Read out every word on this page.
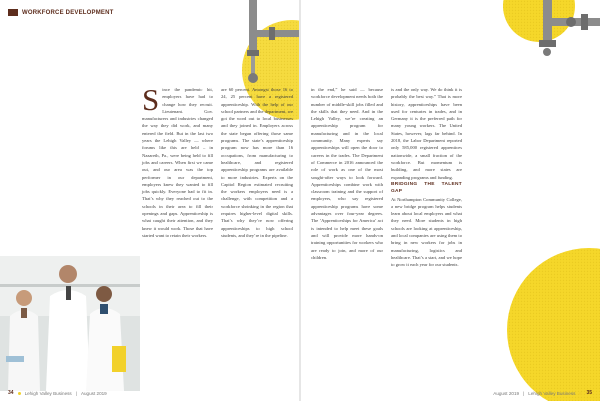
WORKFORCE DEVELOPMENT
S ince the pandemic hit, employers have had to change how they recruit. Lieutenant. Gov. manufacturers and industries changed the way they did work, and many entered the field. But in the last two years the Lehigh Valley — where forums like this are held – in Nazareth, Pa., were being held to fill jobs and careers. When first we came out, and our area was the top performer in our department, employers knew they wanted to fill jobs quickly. Everyone had to fit in. That’s why they reached out to the schools in their area to fill their openings and gaps. Apprenticeship is what caught their attention, and they knew it would work. Those that have started want to retain their workers.

are 60 percent. Amongst those 16 to 24, 25 percent have a registered apprenticeship. With the help of our school partners and the department, we got the word out to local businesses and they joined in. Employers across the state began offering those same programs. The state’s apprenticeship program now has more than 16 occupations, from manufacturing to healthcare, and registered apprenticeship programs are available to more industries. Experts on the Capitol Region estimated recruiting the workers employers need is a challenge, with competition and a workforce shrinking in the region that requires higher-level digital skills. That’s why they’re now offering apprenticeships to high school students, and they’re in the pipeline.

34 Lehigh Valley Business | August 2019

in the end,” he said — because workforce development needs both the number of middle-skill jobs filled and the skills that they need. And in the Lehigh Valley, we’re creating an apprenticeship program for manufacturing and in the local community. Many experts say apprenticeships will open the door to careers in the trades. The Department of Commerce in 2016 announced the role of work as one of the most sought-after ways to look forward. Apprenticeships combine work with classroom training and the support of employers, who say registered apprenticeship programs have some advantages over four-year degrees. The ’Apprenticeships for America’ act is intended to help meet these goals and will provide more hands-on training opportunities for workers who are ready to join, and more of our children.

is and the only way. We do think it is probably the best way.” That is more history, apprenticeships have been used for centuries in trades, and in Germany it is the preferred path for many young workers. The United States, however, lags far behind. In 2018, the Labor Department reported only 585,000 registered apprentices nationwide, a small fraction of the workforce. But momentum is building, and more states are expanding programs and funding.

BRIDGING THE TALENT GAP

At Northampton Community College, a new bridge program helps students learn about local employers and what they need. More students in high schools are looking at apprenticeship, and local companies are using them to bring in new workers for jobs in manufacturing, logistics and healthcare. That’s a start, and we hope to grow it each year for our students.

August 2019 | Lehigh Valley Business 35
